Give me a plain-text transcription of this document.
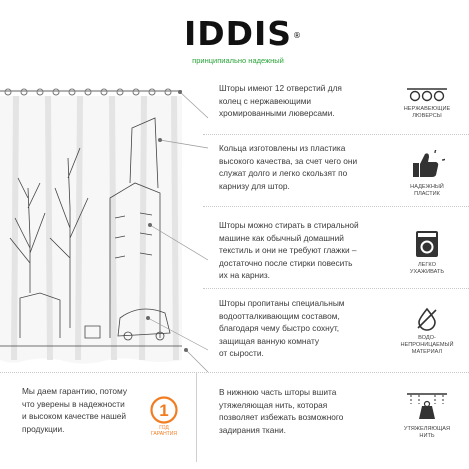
IDDIS ®
принципиально надежный
Шторы имеют 12 отверстий для
колец с нержавеющими
хромированными люверсами.	НЕРЖАВЕЮЩИЕ
ЛЮВЕРСЫ
Кольца изготовлены из пластика
высокого качества, за счет чего они
служат долго и легко скользят по
карнизу для штор.	НАДЕЖНЫЙ
ПЛАСТИК
Шторы можно стирать в стиральной
машине как обычный домашний
текстиль и они не требуют глажки –
достаточно после стирки повесить
их на карниз.
ЛЕГКО
УХАЖИВАТЬ
Шторы пропитаны специальным
водоотталкивающим составом,
благодаря чему быстро сохнут,
защищая ванную комнату
от сырости.
ВОДО-
НЕПРОНИЦАЕМЫЙ
МАТЕРИАЛ
Мы даем гарантию, потому
что уверены в надежности
и высоком качестве нашей
продукции.
1
ГОД
ГАРАНТИЯ
В нижнюю часть шторы вшита
утяжеляющая нить, которая
позволяет избежать возможного
задирания ткани.	УТЯЖЕЛЯЮЩАЯ
НИТЬ
